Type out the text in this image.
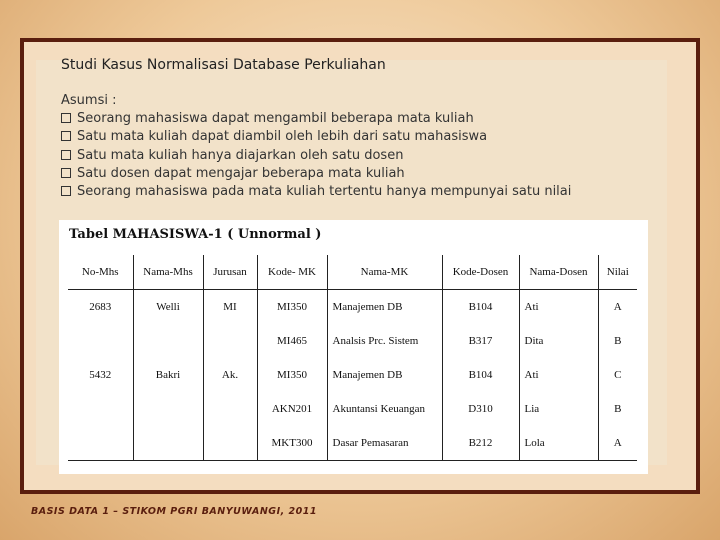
Studi Kasus Normalisasi Database Perkuliahan
Asumsi :
Seorang mahasiswa dapat mengambil beberapa mata kuliah
Satu mata kuliah dapat diambil oleh lebih dari satu mahasiswa
Satu mata kuliah hanya diajarkan oleh satu dosen
Satu dosen dapat mengajar beberapa mata kuliah
Seorang mahasiswa pada mata kuliah tertentu hanya mempunyai satu nilai
Tabel MAHASISWA-1 ( Unnormal )
No-Mhs	Nama-Mhs	Jurusan	Kode- MK	Nama-MK	Kode-Dosen	Nama-Dosen	Nilai
2683	Welli	MI	MI350	Manajemen DB	B104	Ati	A
			MI465	Analsis Prc. Sistem	B317	Dita	B
5432	Bakri	Ak.	MI350	Manajemen DB	B104	Ati	C
			AKN201	Akuntansi Keuangan	D310	Lia	B
			MKT300	Dasar Pemasaran	B212	Lola	A
BASIS DATA 1 – STIKOM PGRI BANYUWANGI, 2011
